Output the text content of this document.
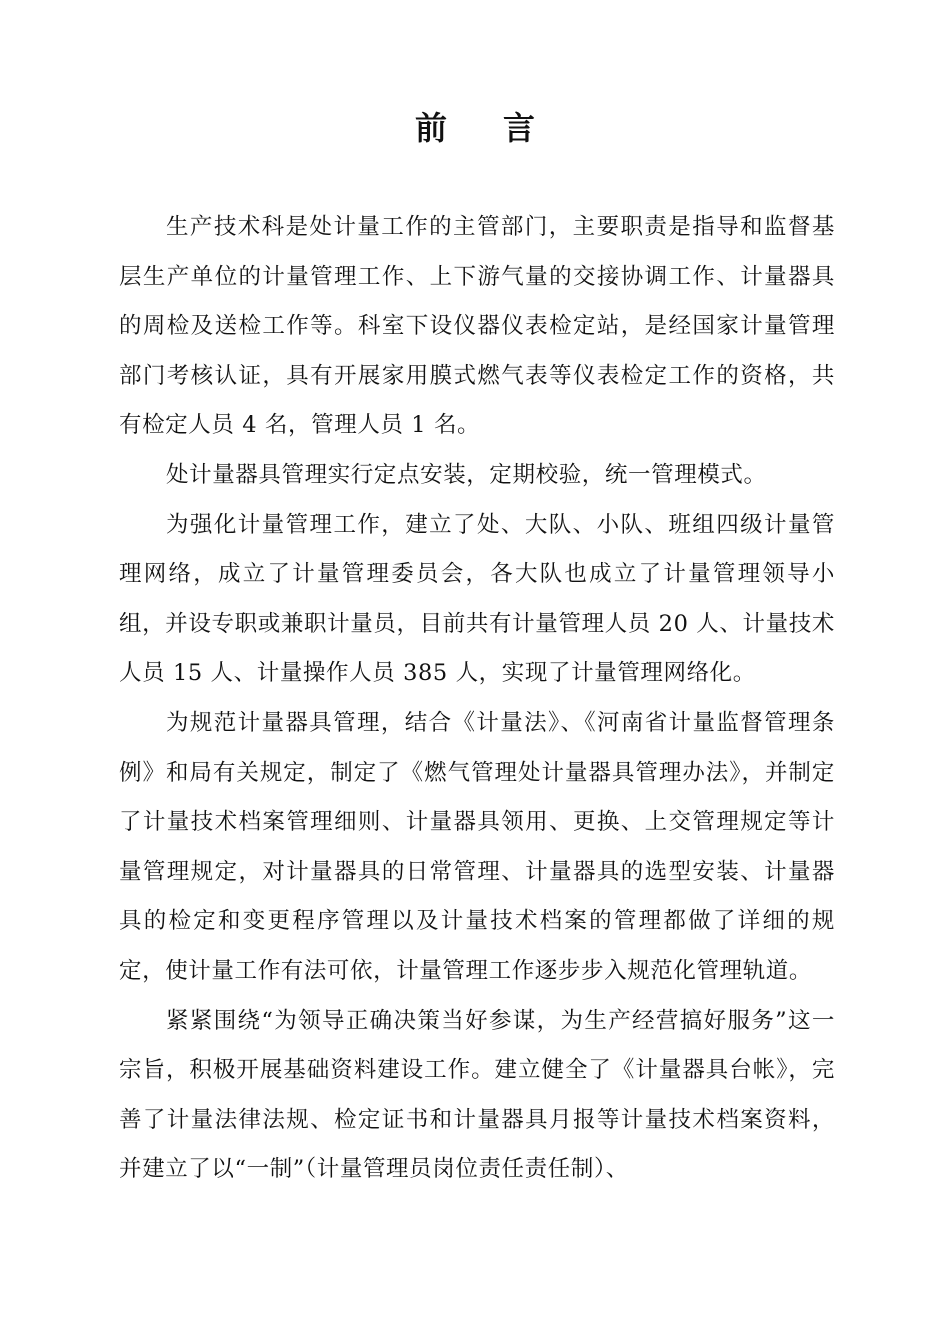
前言

生产技术科是处计量工作的主管部门，主要职责是指导和监督基层生产单位的计量管理工作、上下游气量的交接协调工作、计量器具的周检及送检工作等。科室下设仪器仪表检定站，是经国家计量管理部门考核认证，具有开展家用膜式燃气表等仪表检定工作的资格，共有检定人员 4 名，管理人员 1 名。

处计量器具管理实行定点安装，定期校验，统一管理模式。

为强化计量管理工作，建立了处、大队、小队、班组四级计量管理网络，成立了计量管理委员会，各大队也成立了计量管理领导小组，并设专职或兼职计量员，目前共有计量管理人员 20 人、计量技术人员 15 人、计量操作人员 385 人，实现了计量管理网络化。

为规范计量器具管理，结合《计量法》、《河南省计量监督管理条例》和局有关规定，制定了《燃气管理处计量器具管理办法》，并制定了计量技术档案管理细则、计量器具领用、更换、上交管理规定等计量管理规定，对计量器具的日常管理、计量器具的选型安装、计量器具的检定和变更程序管理以及计量技术档案的管理都做了详细的规定，使计量工作有法可依，计量管理工作逐步步入规范化管理轨道。

紧紧围绕“为领导正确决策当好参谋，为生产经营搞好服务”这一宗旨，积极开展基础资料建设工作。建立健全了《计量器具台帐》，完善了计量法律法规、检定证书和计量器具月报等计量技术档案资料，并建立了以“一制”（计量管理员岗位责任责任制）、
